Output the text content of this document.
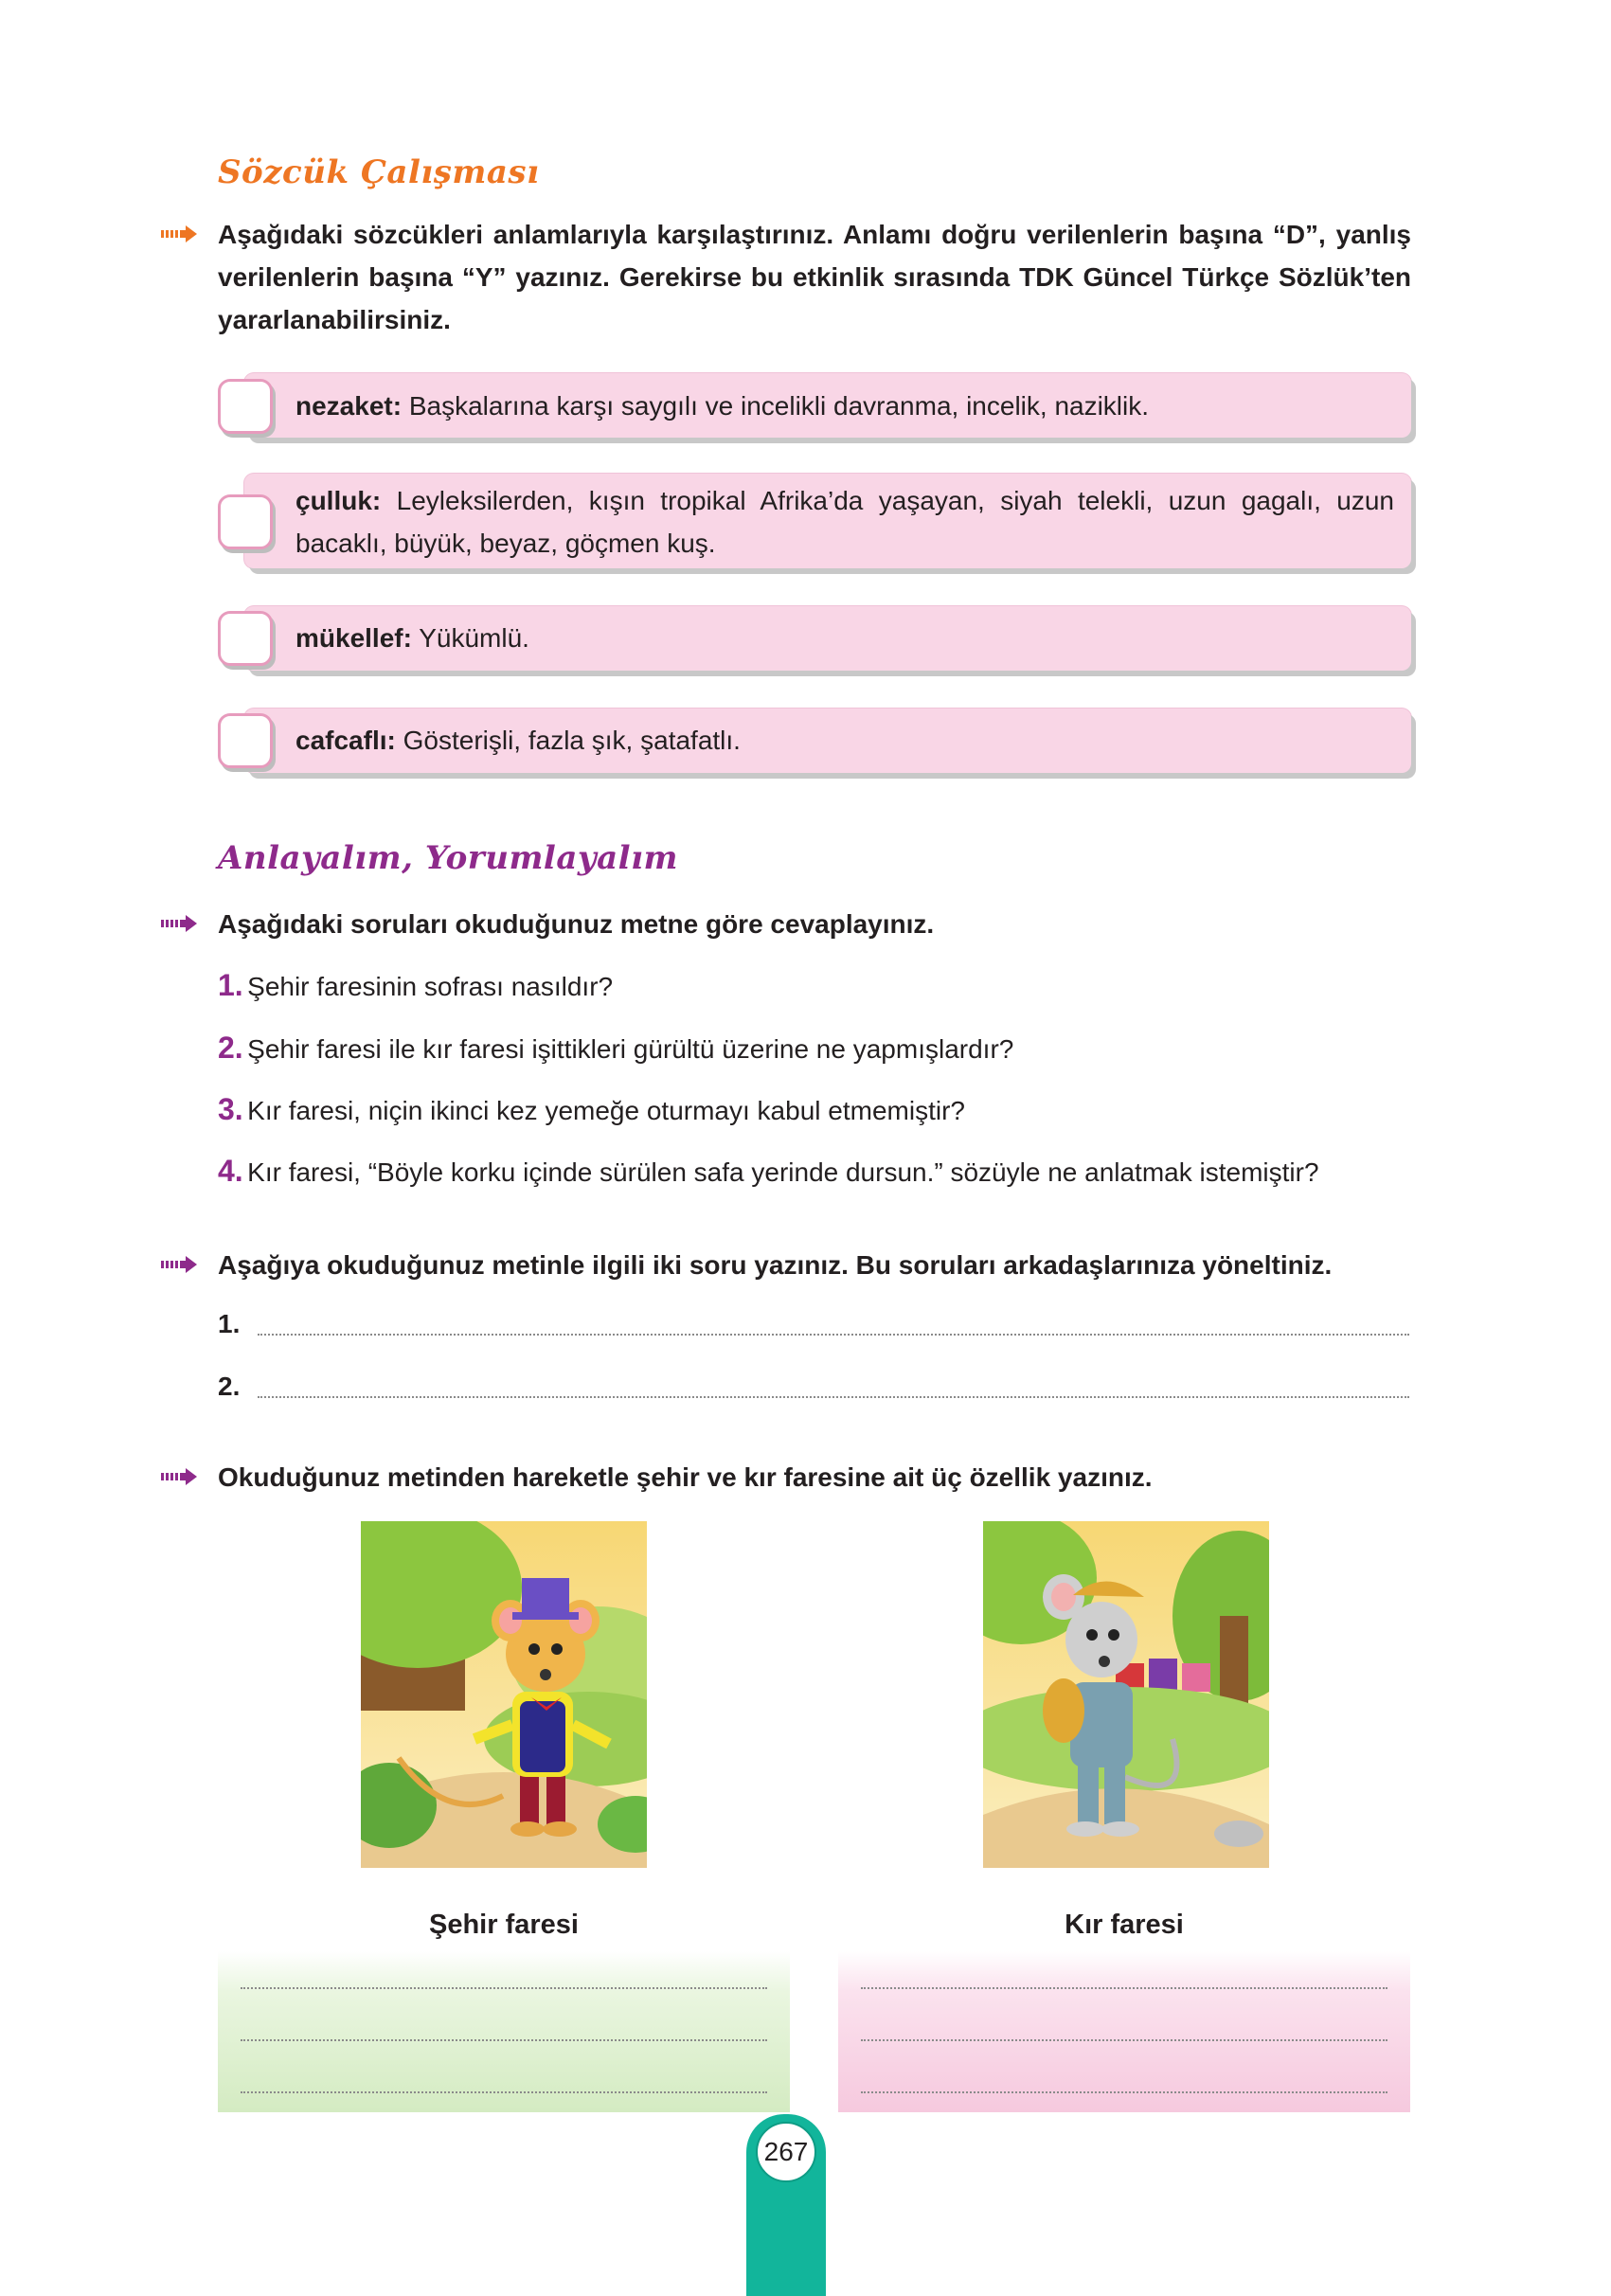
Sözcük Çalışması
Aşağıdaki sözcükleri anlamlarıyla karşılaştırınız. Anlamı doğru verilenlerin başına “D”, yanlış verilenlerin başına “Y” yazınız. Gerekirse bu etkinlik sırasında TDK Güncel Türkçe Sözlük’ten yararlanabilirsiniz.
nezaket: Başkalarına karşı saygılı ve incelikli davranma, incelik, naziklik.
çulluk: Leyleksilerden, kışın tropikal Afrika’da yaşayan, siyah telekli, uzun gagalı, uzun bacaklı, büyük, beyaz, göçmen kuş.
mükellef: Yükümlü.
cafcaflı: Gösterişli, fazla şık, şatafatlı.
Anlayalım, Yorumlayalım
Aşağıdaki soruları okuduğunuz metne göre cevaplayınız.
1. Şehir faresinin sofrası nasıldır?
2. Şehir faresi ile kır faresi işittikleri gürültü üzerine ne yapmışlardır?
3. Kır faresi, niçin ikinci kez yemeğe oturmayı kabul etmemiştir?
4. Kır faresi, “Böyle korku içinde sürülen safa yerinde dursun.” sözüyle ne anlatmak istemiştir?
Aşağıya okuduğunuz metinle ilgili iki soru yazınız. Bu soruları arkadaşlarınıza yöneltiniz.
1.
2.
Okuduğunuz metinden hareketle şehir ve kır faresine ait üç özellik yazınız.
Şehir faresi	Kır faresi
267
